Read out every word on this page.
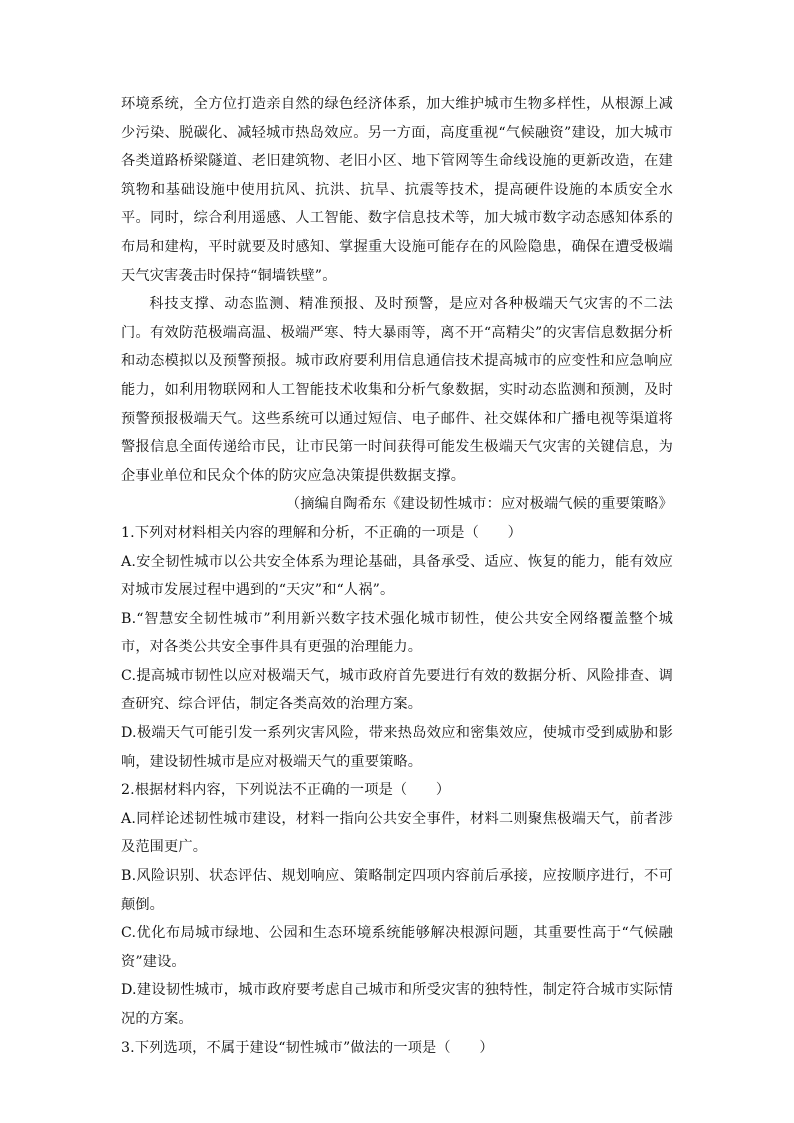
环境系统，全方位打造亲自然的绿色经济体系，加大维护城市生物多样性，从根源上减少污染、脱碳化、减轻城市热岛效应。另一方面，高度重视“气候融资”建设，加大城市各类道路桥梁隧道、老旧建筑物、老旧小区、地下管网等生命线设施的更新改造，在建筑物和基础设施中使用抗风、抗洪、抗旱、抗震等技术，提高硬件设施的本质安全水平。同时，综合利用遥感、人工智能、数字信息技术等，加大城市数字动态感知体系的布局和建构，平时就要及时感知、掌握重大设施可能存在的风险隐患，确保在遭受极端天气灾害袭击时保持“铜墙铁壁”。

科技支撑、动态监测、精准预报、及时预警，是应对各种极端天气灾害的不二法门。有效防范极端高温、极端严寒、特大暴雨等，离不开“高精尖”的灾害信息数据分析和动态模拟以及预警预报。城市政府要利用信息通信技术提高城市的应变性和应急响应能力，如利用物联网和人工智能技术收集和分析气象数据，实时动态监测和预测，及时预警预报极端天气。这些系统可以通过短信、电子邮件、社交媒体和广播电视等渠道将警报信息全面传递给市民，让市民第一时间获得可能发生极端天气灾害的关键信息，为企事业单位和民众个体的防灾应急决策提供数据支撑。

（摘编自陶希东《建设韧性城市：应对极端气候的重要策略》

1.下列对材料相关内容的理解和分析，不正确的一项是（　　）

A.安全韧性城市以公共安全体系为理论基础，具备承受、适应、恢复的能力，能有效应对城市发展过程中遇到的“天灾”和“人祸”。

B.“智慧安全韧性城市”利用新兴数字技术强化城市韧性，使公共安全网络覆盖整个城市，对各类公共安全事件具有更强的治理能力。

C.提高城市韧性以应对极端天气，城市政府首先要进行有效的数据分析、风险排查、调查研究、综合评估，制定各类高效的治理方案。

D.极端天气可能引发一系列灾害风险，带来热岛效应和密集效应，使城市受到威胁和影响，建设韧性城市是应对极端天气的重要策略。

2.根据材料内容，下列说法不正确的一项是（　　）

A.同样论述韧性城市建设，材料一指向公共安全事件，材料二则聚焦极端天气，前者涉及范围更广。

B.风险识别、状态评估、规划响应、策略制定四项内容前后承接，应按顺序进行，不可颠倒。

C.优化布局城市绿地、公园和生态环境系统能够解决根源问题，其重要性高于“气候融资”建设。

D.建设韧性城市，城市政府要考虑自己城市和所受灾害的独特性，制定符合城市实际情况的方案。

3.下列选项，不属于建设“韧性城市”做法的一项是（　　）
